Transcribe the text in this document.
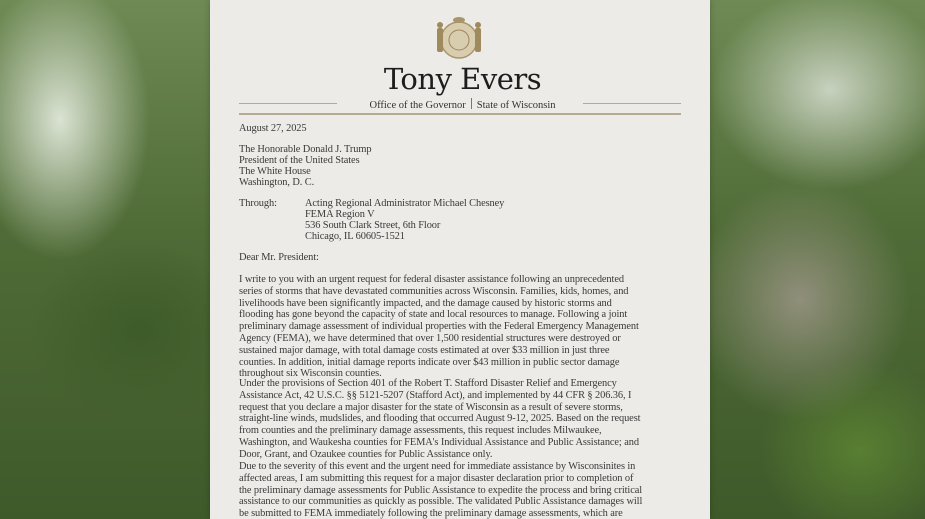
Tony Evers
Office of the Governor State of Wisconsin
August 27, 2025
The Honorable Donald J. Trump
President of the United States
The White House
Washington, D. C.
Through:	Acting Regional Administrator Michael Chesney
FEMA Region V
536 South Clark Street, 6th Floor
Chicago, IL 60605-1521
Dear Mr. President:
I write to you with an urgent request for federal disaster assistance following an unprecedented
series of storms that have devastated communities across Wisconsin. Families, kids, homes, and
livelihoods have been significantly impacted, and the damage caused by historic storms and
flooding has gone beyond the capacity of state and local resources to manage. Following a joint
preliminary damage assessment of individual properties with the Federal Emergency Management
Agency (FEMA), we have determined that over 1,500 residential structures were destroyed or
sustained major damage, with total damage costs estimated at over $33 million in just three
counties. In addition, initial damage reports indicate over $43 million in public sector damage
throughout six Wisconsin counties.
Under the provisions of Section 401 of the Robert T. Stafford Disaster Relief and Emergency
Assistance Act, 42 U.S.C. §§ 5121-5207 (Stafford Act), and implemented by 44 CFR § 206.36, I
request that you declare a major disaster for the state of Wisconsin as a result of severe storms,
straight-line winds, mudslides, and flooding that occurred August 9-12, 2025. Based on the request
from counties and the preliminary damage assessments, this request includes Milwaukee,
Washington, and Waukesha counties for FEMA's Individual Assistance and Public Assistance; and
Door, Grant, and Ozaukee counties for Public Assistance only.
Due to the severity of this event and the urgent need for immediate assistance by Wisconsinites in
affected areas, I am submitting this request for a major disaster declaration prior to completion of
the preliminary damage assessments for Public Assistance to expedite the process and bring critical
assistance to our communities as quickly as possible. The validated Public Assistance damages will
be submitted to FEMA immediately following the preliminary damage assessments, which are
